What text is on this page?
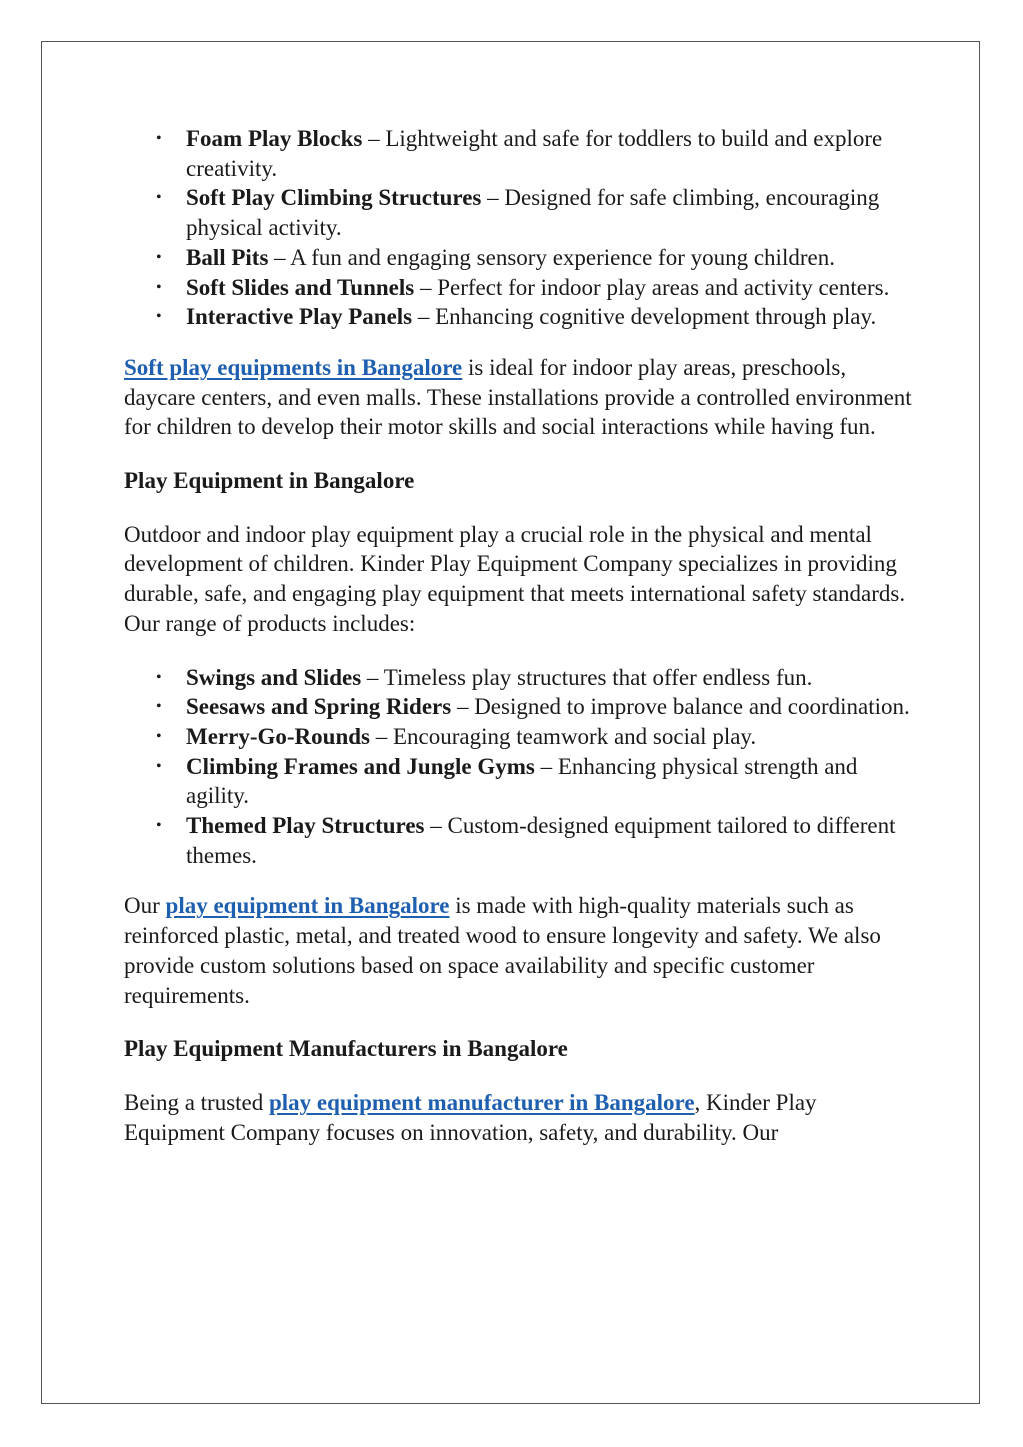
• Foam Play Blocks – Lightweight and safe for toddlers to build and explore creativity.
• Soft Play Climbing Structures – Designed for safe climbing, encouraging physical activity.
• Ball Pits – A fun and engaging sensory experience for young children.
• Soft Slides and Tunnels – Perfect for indoor play areas and activity centers.
• Interactive Play Panels – Enhancing cognitive development through play.

Soft play equipments in Bangalore is ideal for indoor play areas, preschools, daycare centers, and even malls. These installations provide a controlled environment for children to develop their motor skills and social interactions while having fun.

Play Equipment in Bangalore

Outdoor and indoor play equipment play a crucial role in the physical and mental development of children. Kinder Play Equipment Company specializes in providing durable, safe, and engaging play equipment that meets international safety standards. Our range of products includes:

• Swings and Slides – Timeless play structures that offer endless fun.
• Seesaws and Spring Riders – Designed to improve balance and coordination.
• Merry-Go-Rounds – Encouraging teamwork and social play.
• Climbing Frames and Jungle Gyms – Enhancing physical strength and agility.
• Themed Play Structures – Custom-designed equipment tailored to different themes.

Our play equipment in Bangalore is made with high-quality materials such as reinforced plastic, metal, and treated wood to ensure longevity and safety. We also provide custom solutions based on space availability and specific customer requirements.

Play Equipment Manufacturers in Bangalore

Being a trusted play equipment manufacturer in Bangalore, Kinder Play Equipment Company focuses on innovation, safety, and durability. Our
